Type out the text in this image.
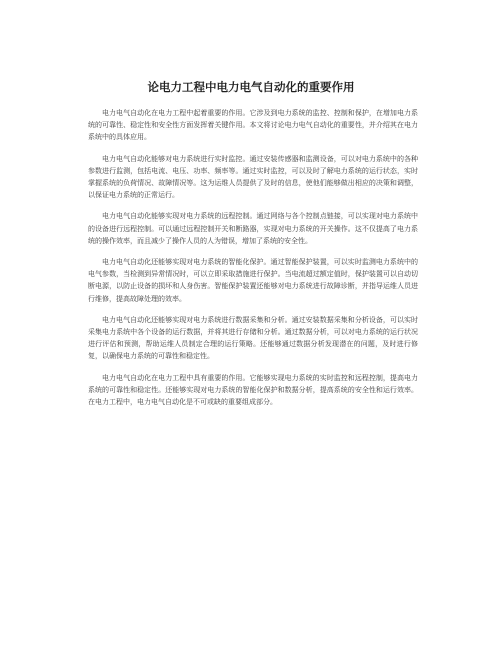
论电力工程中电力电气自动化的重要作用

电力电气自动化在电力工程中起着重要的作用。它涉及到电力系统的监控、控制和保护，在增加电力系统的可靠性、稳定性和安全性方面发挥着关键作用。本文将讨论电力电气自动化的重要性，并介绍其在电力系统中的具体应用。

电力电气自动化能够对电力系统进行实时监控。通过安装传感器和监测设备，可以对电力系统中的各种参数进行监测，包括电流、电压、功率、频率等。通过实时监控，可以及时了解电力系统的运行状态，实时掌握系统的负荷情况、故障情况等。这为运维人员提供了及时的信息，使他们能够做出相应的决策和调整，以保证电力系统的正常运行。

电力电气自动化能够实现对电力系统的远程控制。通过网络与各个控制点链接，可以实现对电力系统中的设备进行远程控制。可以通过远程控制开关和断路器，实现对电力系统的开关操作。这不仅提高了电力系统的操作效率，而且减少了操作人员的人为错误，增加了系统的安全性。

电力电气自动化还能够实现对电力系统的智能化保护。通过智能保护装置，可以实时监测电力系统中的电气参数，当检测到异常情况时，可以立即采取措施进行保护。当电流超过额定值时，保护装置可以自动切断电源，以防止设备的损坏和人身伤害。智能保护装置还能够对电力系统进行故障诊断，并指导运维人员进行维修，提高故障处理的效率。

电力电气自动化还能够实现对电力系统进行数据采集和分析。通过安装数据采集和分析设备，可以实时采集电力系统中各个设备的运行数据，并将其进行存储和分析。通过数据分析，可以对电力系统的运行状况进行评估和预测，帮助运维人员制定合理的运行策略。还能够通过数据分析发现潜在的问题，及时进行修复，以确保电力系统的可靠性和稳定性。

电力电气自动化在电力工程中具有重要的作用。它能够实现电力系统的实时监控和远程控制，提高电力系统的可靠性和稳定性。还能够实现对电力系统的智能化保护和数据分析，提高系统的安全性和运行效率。在电力工程中，电力电气自动化是不可或缺的重要组成部分。
